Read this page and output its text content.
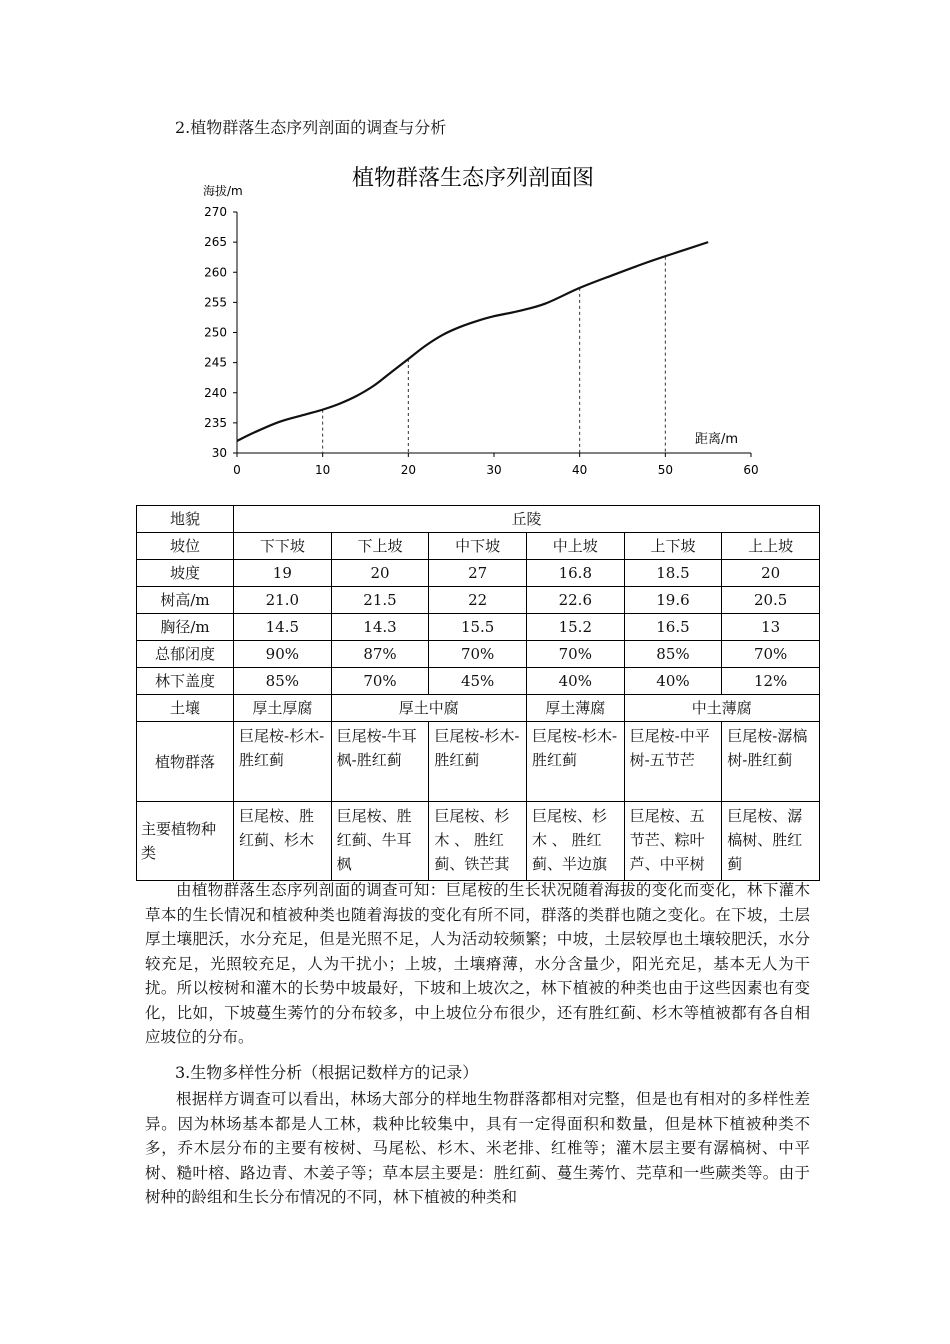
2.植物群落生态序列剖面的调查与分析
植物群落生态序列剖面图
海拔/m
距离/m
0	10	20	30	40	50	60
270
265
260
255
250
245
240
235
30
地貌	丘陵					
坡位	下下坡	下上坡	中下坡	中上坡	上下坡	上上坡
坡度	19	20	27	16.8	18.5	20
树高/m	21.0	21.5	22	22.6	19.6	20.5
胸径/m	14.5	14.3	15.5	15.2	16.5	13
总郁闭度	90%	87%	70%	70%	85%	70%
林下盖度	85%	70%	45%	40%	40%	12%
土壤	厚土厚腐	厚土中腐		厚土薄腐	中土薄腐	
植物群落	巨尾桉-杉木-胜红蓟	巨尾桉-牛耳枫-胜红蓟	巨尾桉-杉木-胜红蓟	巨尾桉-杉木-胜红蓟	巨尾桉-中平树-五节芒	巨尾桉-潺槁树-胜红蓟
主要植物种类	巨尾桉、胜红蓟、杉木	巨尾桉、胜红蓟、牛耳枫	巨尾桉、杉木 、 胜红蓟、铁芒萁	巨尾桉、杉木 、 胜红蓟、半边旗	巨尾桉、五节芒、粽叶芦、中平树	巨尾桉、潺槁树、胜红蓟

由植物群落生态序列剖面的调查可知：巨尾桉的生长状况随着海拔的变化而变化，林下灌木草本的生长情况和植被种类也随着海拔的变化有所不同，群落的类群也随之变化。在下坡，土层厚土壤肥沃，水分充足，但是光照不足，人为活动较频繁；中坡，土层较厚也土壤较肥沃，水分较充足，光照较充足，人为干扰小；上坡，土壤瘠薄，水分含量少，阳光充足，基本无人为干扰。所以桉树和灌木的长势中坡最好，下坡和上坡次之，林下植被的种类也由于这些因素也有变化，比如，下坡蔓生莠竹的分布较多，中上坡位分布很少，还有胜红蓟、杉木等植被都有各自相应坡位的分布。

3.生物多样性分析（根据记数样方的记录）

根据样方调查可以看出，林场大部分的样地生物群落都相对完整，但是也有相对的多样性差异。因为林场基本都是人工林，栽种比较集中，具有一定得面积和数量，但是林下植被种类不多，乔木层分布的主要有桉树、马尾松、杉木、米老排、红椎等；灌木层主要有潺槁树、中平树、糙叶榕、路边青、木姜子等；草本层主要是：胜红蓟、蔓生莠竹、芫草和一些蕨类等。由于树种的龄组和生长分布情况的不同，林下植被的种类和
